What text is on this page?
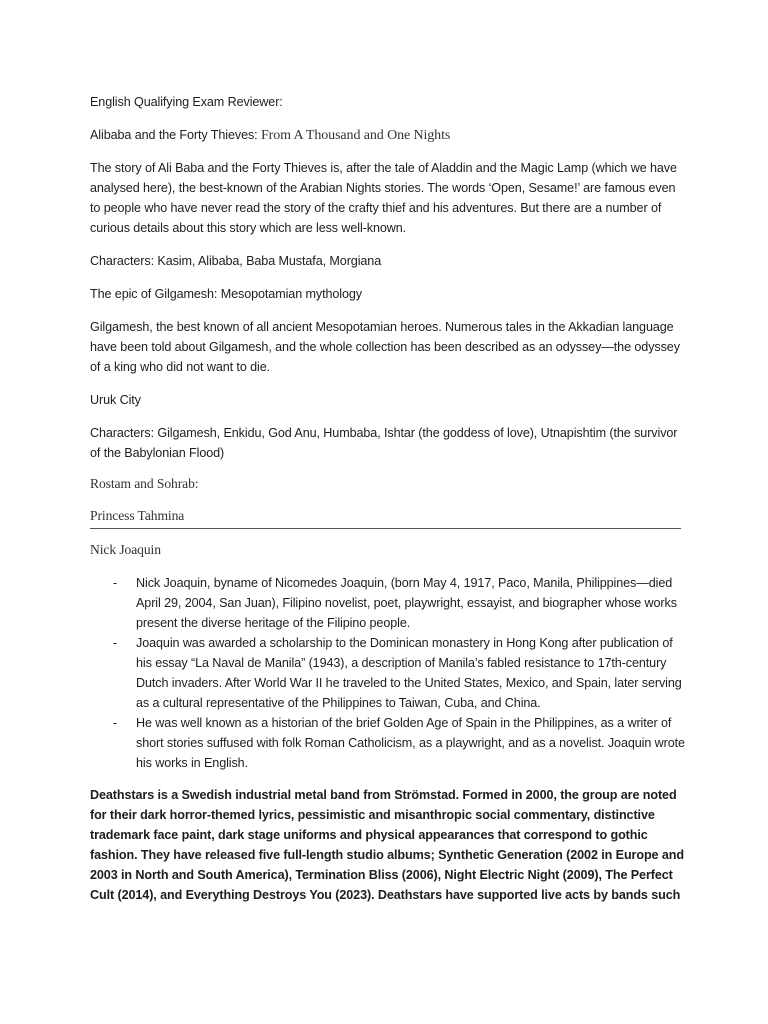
English Qualifying Exam Reviewer:

Alibaba and the Forty Thieves: From A Thousand and One Nights

The story of Ali Baba and the Forty Thieves is, after the tale of Aladdin and the Magic Lamp (which we have analysed here), the best-known of the Arabian Nights stories. The words ‘Open, Sesame!’ are famous even to people who have never read the story of the crafty thief and his adventures. But there are a number of curious details about this story which are less well-known.

Characters: Kasim, Alibaba, Baba Mustafa, Morgiana

The epic of Gilgamesh: Mesopotamian mythology

Gilgamesh, the best known of all ancient Mesopotamian heroes. Numerous tales in the Akkadian language have been told about Gilgamesh, and the whole collection has been described as an odyssey—the odyssey of a king who did not want to die.

Uruk City

Characters: Gilgamesh, Enkidu, God Anu, Humbaba, Ishtar (the goddess of love), Utnapishtim (the survivor of the Babylonian Flood)

Rostam and Sohrab:

Princess Tahmina

Nick Joaquin

- Nick Joaquin, byname of Nicomedes Joaquin, (born May 4, 1917, Paco, Manila, Philippines—died April 29, 2004, San Juan), Filipino novelist, poet, playwright, essayist, and biographer whose works present the diverse heritage of the Filipino people.
- Joaquin was awarded a scholarship to the Dominican monastery in Hong Kong after publication of his essay “La Naval de Manila” (1943), a description of Manila’s fabled resistance to 17th-century Dutch invaders. After World War II he traveled to the United States, Mexico, and Spain, later serving as a cultural representative of the Philippines to Taiwan, Cuba, and China.
- He was well known as a historian of the brief Golden Age of Spain in the Philippines, as a writer of short stories suffused with folk Roman Catholicism, as a playwright, and as a novelist. Joaquin wrote his works in English.

Deathstars is a Swedish industrial metal band from Strömstad. Formed in 2000, the group are noted for their dark horror-themed lyrics, pessimistic and misanthropic social commentary, distinctive trademark face paint, dark stage uniforms and physical appearances that correspond to gothic fashion. They have released five full-length studio albums; Synthetic Generation (2002 in Europe and 2003 in North and South America), Termination Bliss (2006), Night Electric Night (2009), The Perfect Cult (2014), and Everything Destroys You (2023). Deathstars have supported live acts by bands such
